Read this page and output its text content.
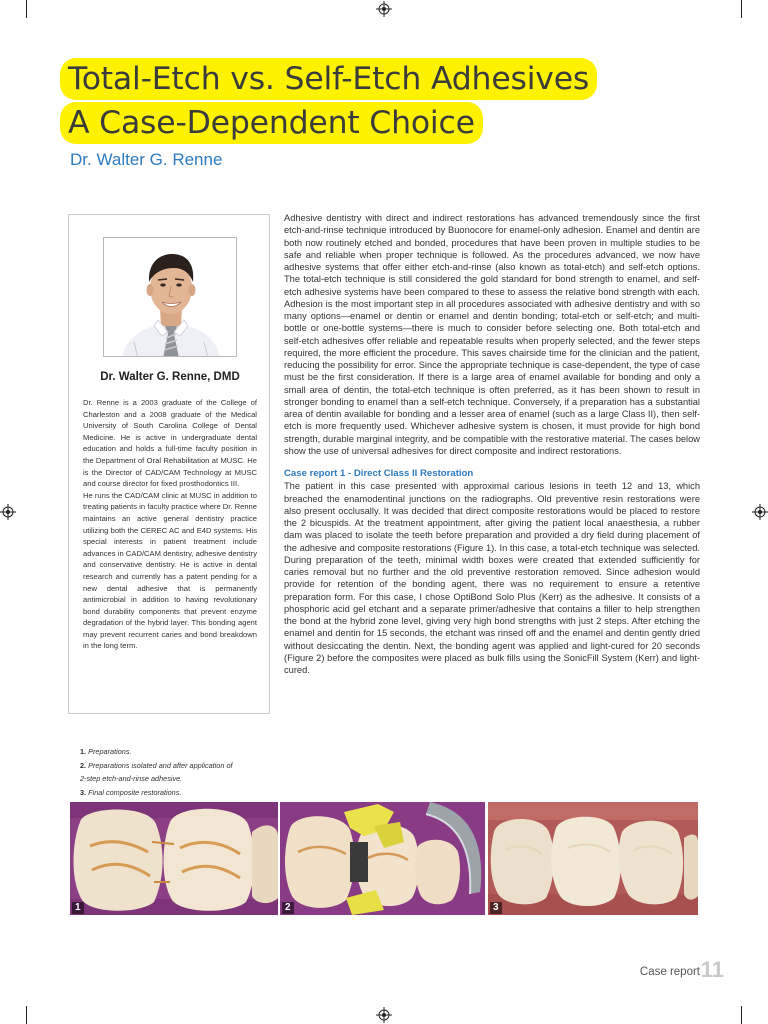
Total-Etch vs. Self-Etch Adhesives
A Case-Dependent Choice
Dr. Walter G. Renne
Dr. Walter G. Renne, DMD

Dr. Renne is a 2003 graduate of the College of Charleston and a 2008 graduate of the Medical University of South Carolina College of Dental Medicine. He is active in undergraduate dental education and holds a full-time faculty position in the Department of Oral Rehabilitation at MUSC. He is the Director of CAD/CAM Technology at MUSC and course director for fixed prosthodontics III.

He runs the CAD/CAM clinic at MUSC in addition to treating patients in faculty practice where Dr. Renne maintains an active general dentistry practice utilizing both the CEREC AC and E4D systems. His special interests in patient treatment include advances in CAD/CAM dentistry, adhesive dentistry and conservative dentistry. He is active in dental research and currently has a patent pending for a new dental adhesive that is permanently antimicrobial in addition to having revolutionary bond durability components that prevent enzyme degradation of the hybrid layer. This bonding agent may prevent recurrent caries and bond breakdown in the long term.

Adhesive dentistry with direct and indirect restorations has advanced tremendously since the first etch-and-rinse technique introduced by Buonocore for enamel-only adhesion. Enamel and dentin are both now routinely etched and bonded, procedures that have been proven in multiple studies to be safe and reliable when proper technique is followed. As the procedures advanced, we now have adhesive systems that offer either etch-and-rinse (also known as total-etch) and self-etch options. The total-etch technique is still considered the gold standard for bond strength to enamel, and self-etch adhesive systems have been compared to these to assess the relative bond strength with each. Adhesion is the most important step in all procedures associated with adhesive dentistry and with so many options—enamel or dentin or enamel and dentin bonding; total-etch or self-etch; and multi-bottle or one-bottle systems—there is much to consider before selecting one. Both total-etch and self-etch adhesives offer reliable and repeatable results when properly selected, and the fewer steps required, the more efficient the procedure. This saves chairside time for the clinician and the patient, reducing the possibility for error. Since the appropriate technique is case-dependent, the type of case must be the first consideration. If there is a large area of enamel available for bonding and only a small area of dentin, the total-etch technique is often preferred, as it has been shown to result in stronger bonding to enamel than a self-etch technique. Conversely, if a preparation has a substantial area of dentin available for bonding and a lesser area of enamel (such as a large Class II), then self-etch is more frequently used. Whichever adhesive system is chosen, it must provide for high bond strength, durable marginal integrity, and be compatible with the restorative material. The cases below show the use of universal adhesives for direct composite and indirect restorations.

Case report 1 - Direct Class II Restoration

The patient in this case presented with approximal carious lesions in teeth 12 and 13, which breached the enamodentinal junctions on the radiographs. Old preventive resin restorations were also present occlusally. It was decided that direct composite restorations would be placed to restore the 2 bicuspids. At the treatment appointment, after giving the patient local anaesthesia, a rubber dam was placed to isolate the teeth before preparation and provided a dry field during placement of the adhesive and composite restorations (Figure 1). In this case, a total-etch technique was selected. During preparation of the teeth, minimal width boxes were created that extended sufficiently for caries removal but no further and the old preventive restoration removed. Since adhesion would provide for retention of the bonding agent, there was no requirement to ensure a retentive preparation form. For this case, I chose OptiBond Solo Plus (Kerr) as the adhesive. It consists of a phosphoric acid gel etchant and a separate primer/adhesive that contains a filler to help strengthen the bond at the hybrid zone level, giving very high bond strengths with just 2 steps. After etching the enamel and dentin for 15 seconds, the etchant was rinsed off and the enamel and dentin gently dried without desiccating the dentin. Next, the bonding agent was applied and light-cured for 20 seconds (Figure 2) before the composites were placed as bulk fills using the SonicFill System (Kerr) and light-cured.

1. Preparations.
2. Preparations isolated and after application of
2-step etch-and-rinse adhesive.
3. Final composite restorations.
1	2	3
Case report 11
